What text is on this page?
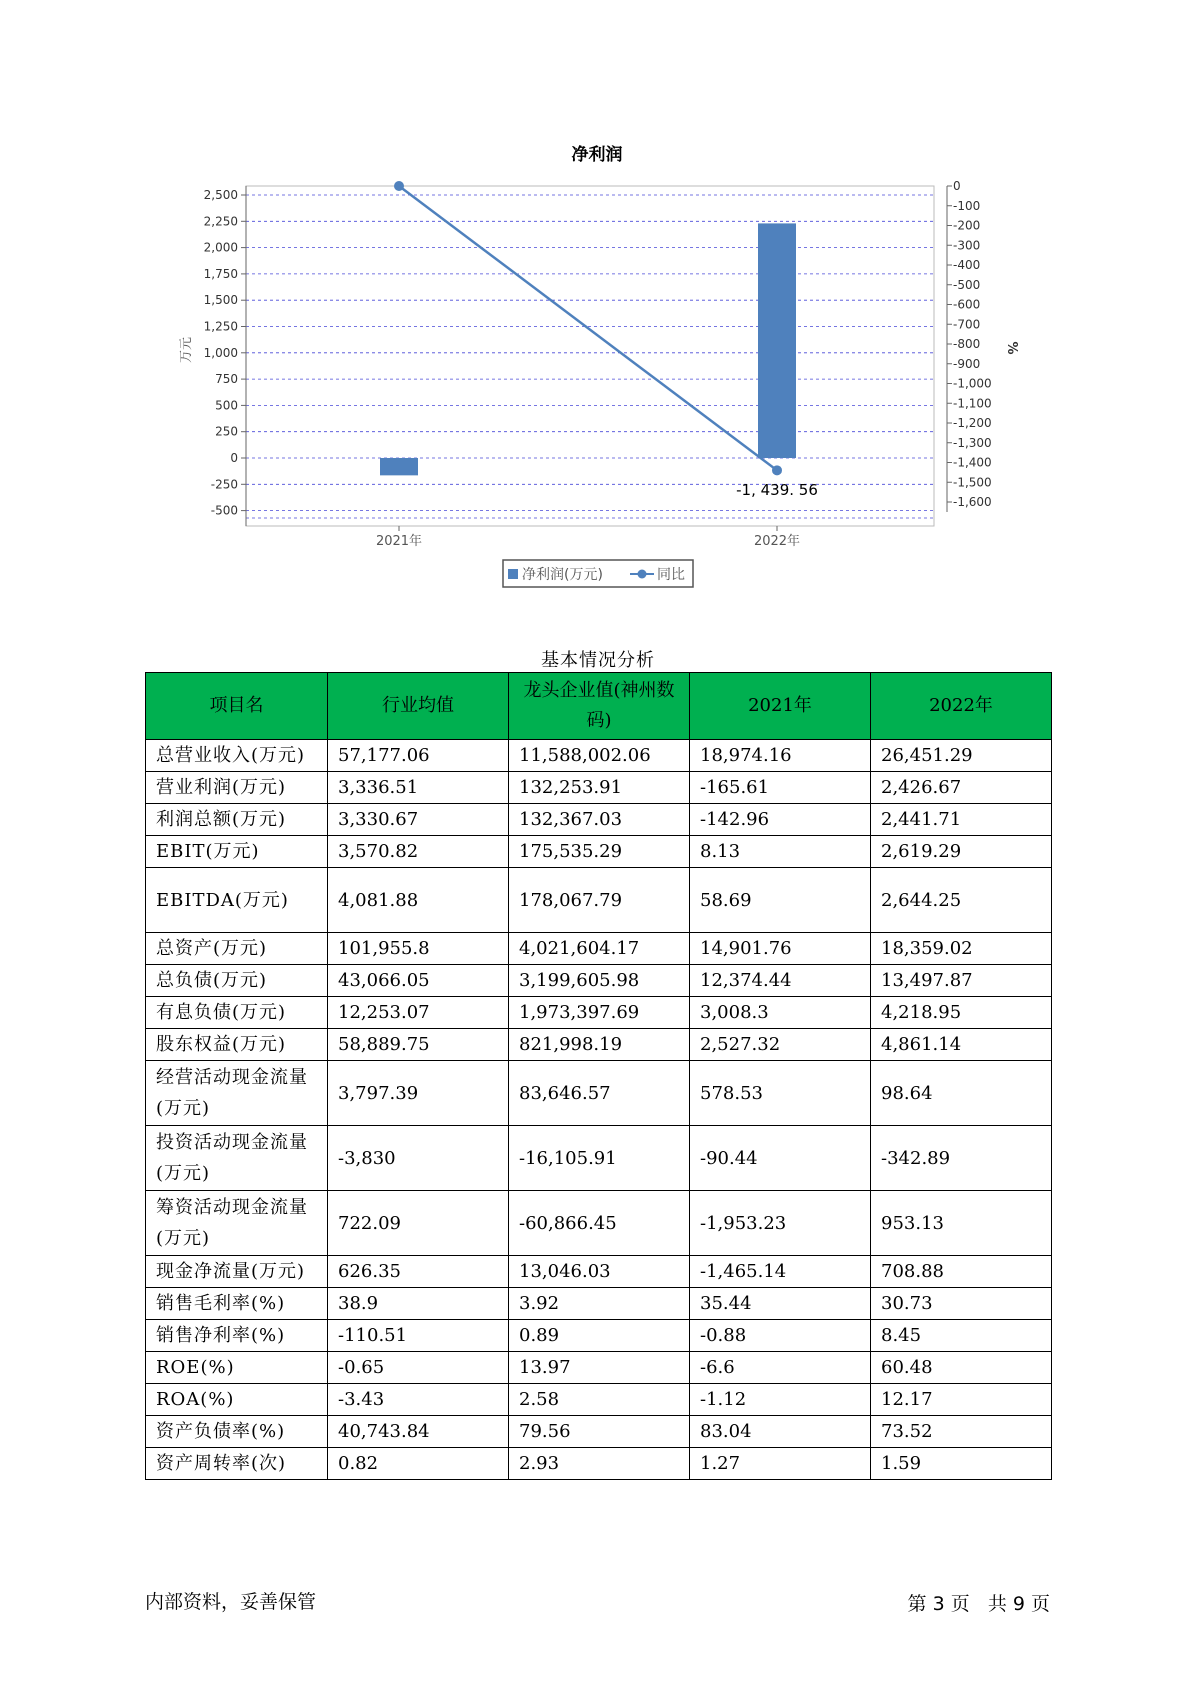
净利润
2,500
2,250
2,000
1,750
1,500
1,250
1,000
750
500
250
0
-250
-500
0
-100
-200
-300
-400
-500
-600
-700
-800
-900
-1,000
-1,100
-1,200
-1,300
-1,400
-1,500
-1,600
万元	%
2021年	2022年
-1, 439. 56
净利润(万元)	同比
基本情况分析
项目名	行业均值	龙头企业值(神州数码)	2021年	2022年
总营业收入(万元)	57,177.06	11,588,002.06	18,974.16	26,451.29
营业利润(万元)	3,336.51	132,253.91	-165.61	2,426.67
利润总额(万元)	3,330.67	132,367.03	-142.96	2,441.71
EBIT(万元)	3,570.82	175,535.29	8.13	2,619.29
EBITDA(万元)	4,081.88	178,067.79	58.69	2,644.25
总资产(万元)	101,955.8	4,021,604.17	14,901.76	18,359.02
总负债(万元)	43,066.05	3,199,605.98	12,374.44	13,497.87
有息负债(万元)	12,253.07	1,973,397.69	3,008.3	4,218.95
股东权益(万元)	58,889.75	821,998.19	2,527.32	4,861.14
经营活动现金流量(万元)	3,797.39	83,646.57	578.53	98.64
投资活动现金流量(万元)	-3,830	-16,105.91	-90.44	-342.89
筹资活动现金流量(万元)	722.09	-60,866.45	-1,953.23	953.13
现金净流量(万元)	626.35	13,046.03	-1,465.14	708.88
销售毛利率(%)	38.9	3.92	35.44	30.73
销售净利率(%)	-110.51	0.89	-0.88	8.45
ROE(%)	-0.65	13.97	-6.6	60.48
ROA(%)	-3.43	2.58	-1.12	12.17
资产负债率(%)	40,743.84	79.56	83.04	73.52
资产周转率(次)	0.82	2.93	1.27	1.59
内部资料，妥善保管	第 3 页   共 9 页
